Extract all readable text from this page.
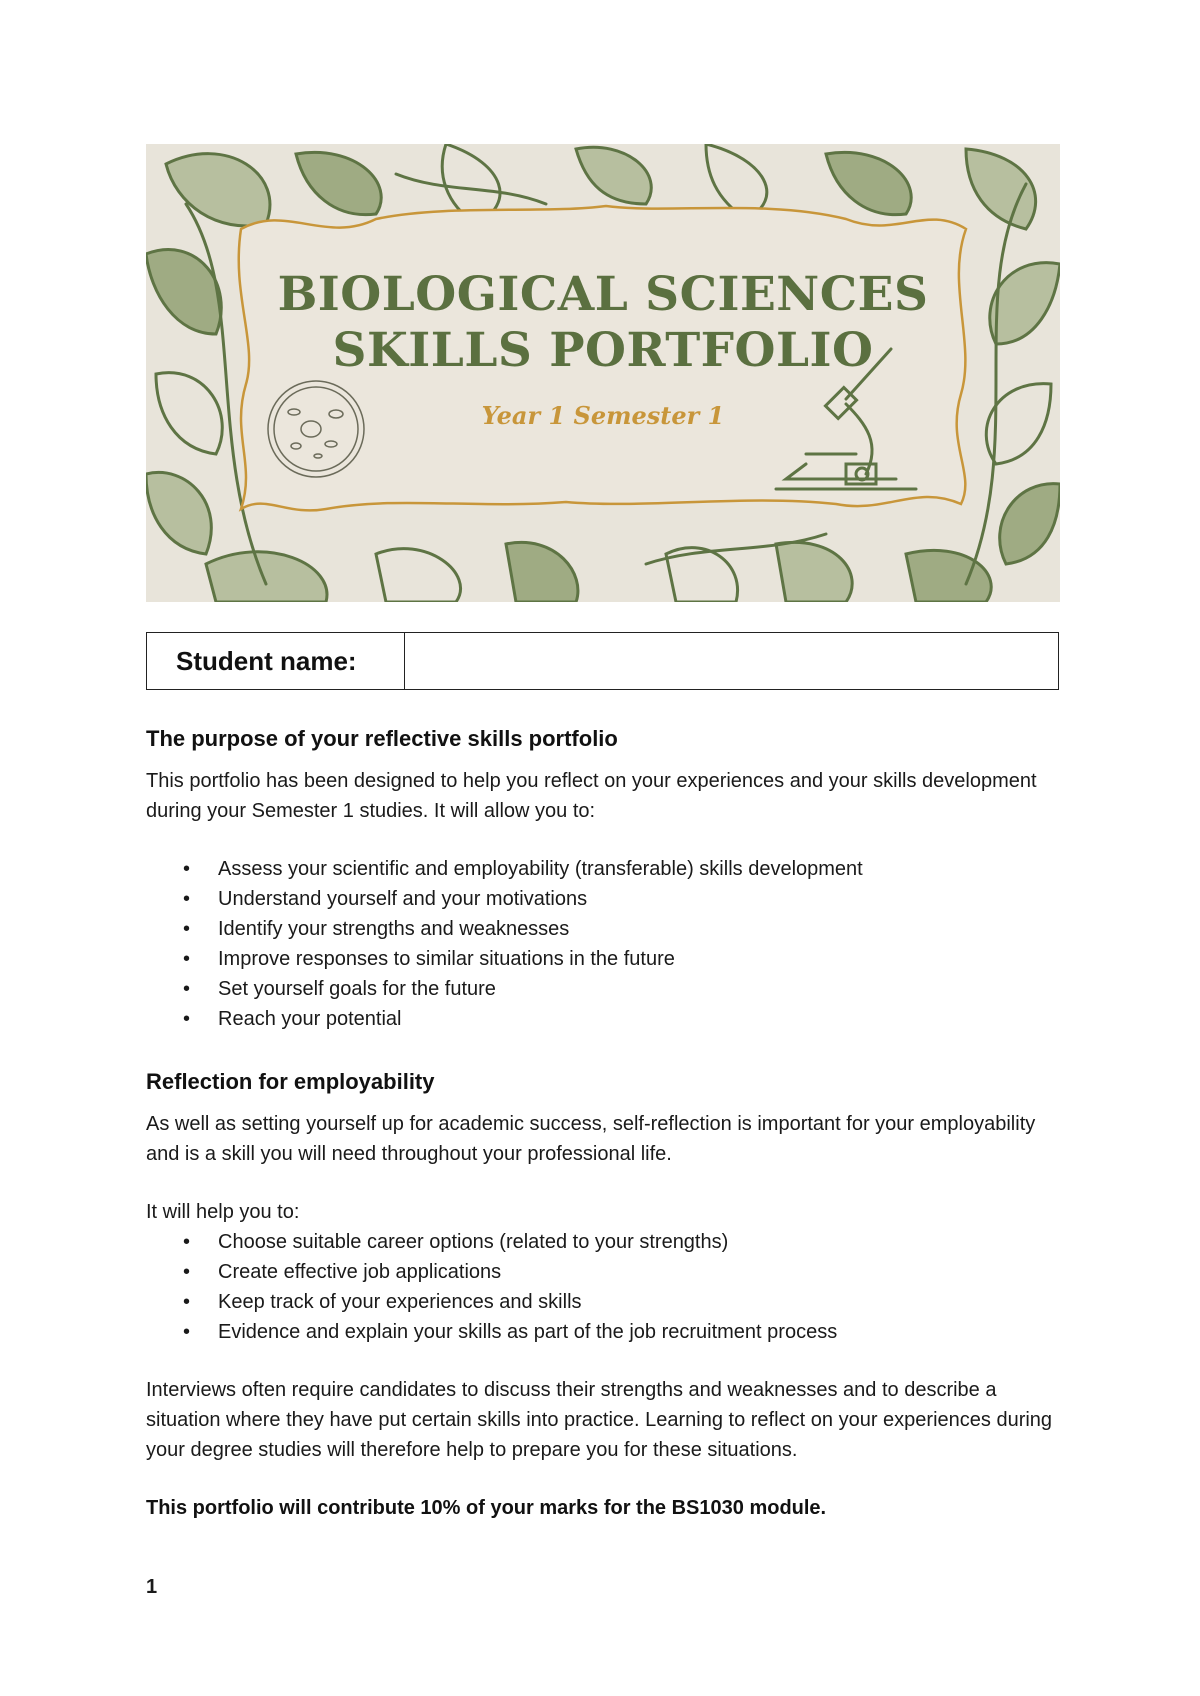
BIOLOGICAL SCIENCES
SKILLS PORTFOLIO
Year 1 Semester 1
Student name:
The purpose of your reflective skills portfolio

This portfolio has been designed to help you reflect on your experiences and your skills development during your Semester 1 studies. It will allow you to:

• Assess your scientific and employability (transferable) skills development
• Understand yourself and your motivations
• Identify your strengths and weaknesses
• Improve responses to similar situations in the future
• Set yourself goals for the future
• Reach your potential
Reflection for employability

As well as setting yourself up for academic success, self-reflection is important for your employability and is a skill you will need throughout your professional life.

It will help you to:

• Choose suitable career options (related to your strengths)
• Create effective job applications
• Keep track of your experiences and skills
• Evidence and explain your skills as part of the job recruitment process

Interviews often require candidates to discuss their strengths and weaknesses and to describe a situation where they have put certain skills into practice. Learning to reflect on your experiences during your degree studies will therefore help to prepare you for these situations.

This portfolio will contribute 10% of your marks for the BS1030 module.

1
